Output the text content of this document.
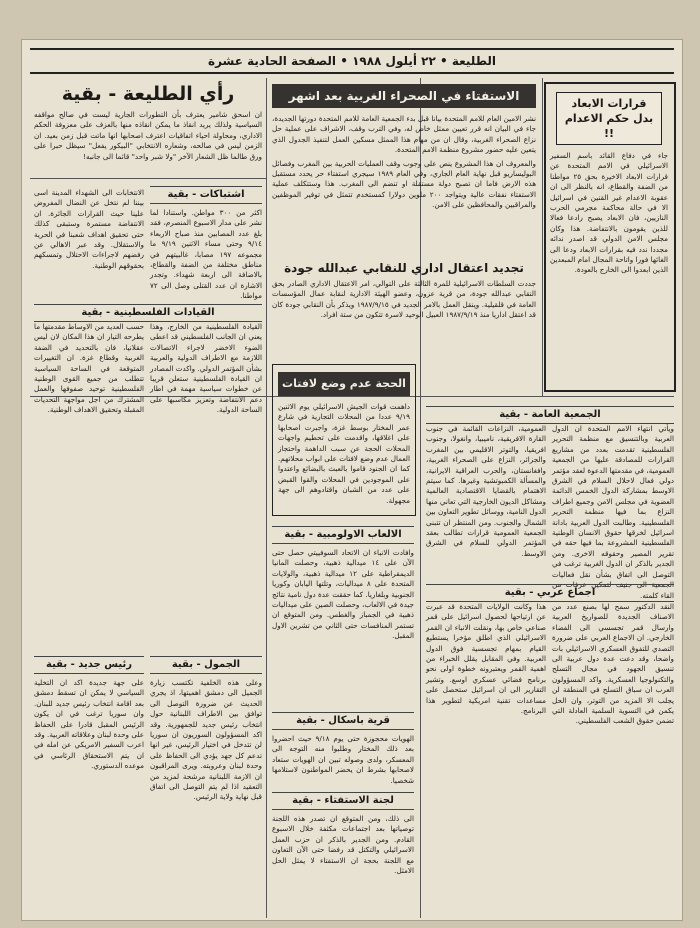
الطليعة • ٢٢ أيلول ١٩٨٨ • الصفحة الحادية عشرة
قرارات الابعاد بدل حكم الاعدام !!

جاء في دفاع القائد باسم السفير الاسرائيلي في الامم المتحدة عن قرارات الابعاد الاخيرة بحق ٢٥ مواطنا من الضفة والقطاع، انه بالنظر الى ان عقوبة الاعدام غير القنين في اسرائيل الا في حالة محاكمة مجرمي الحرب النازيين، فان الابعاد يصبح رادعا فعالا للذين يقومون بالانتفاضة. هذا وكان مجلس الامن الدولي قد اصدر ندائه مجددا ندد فيه بقرارات الابعاد ودعا الى الغائها فورا واتاحة المجال امام المبعدين الذين ابعدوا الى الخارج بالعودة.

الاستفتاء في الصحراء الغربية بعد اشهر

نشر الامين العام للامم المتحدة بيانا قبل بدء الجمعية العامة للامم المتحدة دورتها الجديدة، جاء في البيان انه قرر تعيين ممثل خاص له، وفي الترب وقف، الاشراف على عملية حل نزاع الصحراء الغربية، وقال ان من مهام هذا الممثل مسكين العمل لتنفيذ الجدول الذي يتعين عليه حضور مشروع منظمة الامم المتحدة.

والمعروف ان هذا المشروع ينص على وجوب وقف العمليات الحربية بين المغرب وفصائل البوليساريو قبل نهاية العام الجاري، وفي العام ١٩٨٩ سيجري استفتاء حر يحدد مستقبل هذه الارض فاما ان تصبح دولة مستقلة او تنضم الى المغرب. هذا وستتكلف عملية الاستفتاء نفقات عالية ويتواجد ٢٠٠ ملوين دولارا كمستخدم تتمثل في توفير الموظفين والمراقبين والمحافظين على الامن.

تجديد اعتقال اداري للنقابي عبدالله جودة

جددت السلطات الاسرائيلية للمرة الثالثة على التوالي، امر الاعتقال الاداري الصادر بحق النقابي عبدالله جودة، من قرية عزون، وعضو الهيئة الادارية لنقابة عمال المؤسسات العامة في قلقيلية. وينقل العمل بالامر الجديد في ١٩٨٧/٩/١٥ ويذكر بأن النقابي جودة كان قد اعتقل اداريا منذ ١٩٨٧/٩/١٩ العبيل الوحيد لاسرة تتكون من ستة افراد.

رأي الطليعة - بقية

ان اسحق شامير يعترف بأن التطورات الجارية ليست في صالح مواقفه السياسية ولذلك يريد انقاذ ما يمكن انقاذه منها بالعزف على معزوفة الحكم الاداري، ومحاولة احياء اتفاقيات اعترف اصحابها انها ماتت قبل زمن بعيد. ان الزمن ليس في صالحه، وشعاره الانتخابي "البيكور يفعل" سيظل حبرا على ورق طالما ظل الشعار الآخر "ولا شبر واحد" قائما الى جانبه!

اشتباكات - بقية

اكثر من ٣٠٠ مواطن. واستنادا لما نشر على مدار الاسبوع المنصرم، فقد بلغ عدد المصابين منذ صباح الاربعاء ٩/١٤ وحتى مساء الاثنين ٩/١٩ ما مجموعه ١٩٧ مصابا، غالبيتهم في مناطق مختلفة من الضفة والقطاع، بالاضافة الى اربعة شهداء. وتجدر الاشارة ان عدد القتلى وصل الى ٧٢ مواطنا.

الانتخابات الى الشهداء المدينة اسى بيننا لم نتخل عن النضال المفروض علينا حيث القرارات الجائرة. ان الانتفاضة مستمرة وستبقى كذلك حتى تحقيق اهداف شعبنا في الحرية والاستقلال. وقد عبر الاهالي عن رفضهم لاجراءات الاحتلال وتمسكهم بحقوقهم الوطنية.

القيادات الفلسطينية - بقية

القيادة الفلسطينية من الخارج، وهذا يعني ان الجانب الفلسطيني قد اعطى الضوء الاخضر لاجراء الاتصالات اللازمة مع الاطراف الدولية والعربية بشأن المؤتمر الدولي. واكدت المصادر ان القيادة الفلسطينية ستعلن قريبا عن خطوات سياسية مهمة في اطار دعم الانتفاضة وتعزيز مكاسبها على الساحة الدولية.

حسب العديد من الاوساط مقدمتها ما يطرحه التيار ان هذا المكان لان ليس عقلانيا، فان بالتحديد في الضفة الغربية وقطاع غزة. ان التغييرات المتوقعة في الساحة السياسية تتطلب من جميع القوى الوطنية الفلسطينية توحيد صفوفها والعمل المشترك من اجل مواجهة التحديات المقبلة وتحقيق الاهداف الوطنية.	الجمعية العامة - بقية

ويأتي انتهاء الامم المتحدة ان الدول العربية وبالتنسيق مع منظمة التحرير الفلسطينية تقدمت بعدد من مشاريع القرارات للمصادقة عليها من الجمعية العمومية، في مقدمتها الدعوة لعقد مؤتمر دولي فعال لاحلال السلام في الشرق الاوسط بمشاركة الدول الخمس الدائمة العضوية في مجلس الامن وجميع اطراف النزاع بما فيها منظمة التحرير الفلسطينية. وطالبت الدول العربية بادانة اسرائيل لخرقها حقوق الانسان الوطنية الفلسطينية المشروعة بما فيها حقه في تقرير المصير وحقوقه الاخرى. ومن الجدير بالذكر ان الدول الغربية ترغب في التوصل الى اتفاق بشأن نقل فعاليات الجمعية الى جنيف لتمكين عرفات من القاء كلمته.

العمومية، النزاعات القائمة في جنوب القارة الافريقية، ناميبيا، وانغولا، وجنوب افريقيا، والتوتر الاقليمي بين المغرب والجزائر، النزاع على الصحراء الغربية، وافغانستان، والحرب العراقية الايرانية، والمسألة الكمبوتشية وغيرها. كما سيتم الاهتمام بالقضايا الاقتصادية العالمية ومشاكل الديون الخارجية التي تعاني منها الدول النامية، ووسائل تطوير التعاون بين الشمال والجنوب. ومن المنتظر ان تتبنى الجمعية العمومية قرارات تطالب بعقد المؤتمر الدولي للسلام في الشرق الاوسط.

الحجة عدم وضع لافتات

داهمت قوات الجيش الاسرائيلي يوم الاثنين ٩/١٩ عددا من المحلات التجارية في شارع عمر المختار بوسط غزة، واجبرت اصحابها على اغلاقها، واقدمت على تحطيم واجهات المحلات الحجة عن سبب الداهمة واحتجاز العمال عدم وضع لافتات على ابواب محلاتهم. كما ان الجنود قاموا بالعبث بالبضائع واعتدوا على الموجودين في المحلات والقوا القبض على عدد من الشبان واقتادوهم الى جهة مجهولة.

الالعاب الاولومبية - بقية

وافادت الانباء ان الاتحاد السوفييتي حصل حتى الآن على ١٤ ميدالية ذهبية، وحصلت المانيا الديمقراطية على ١٢ ميدالية ذهبية، والولايات المتحدة على ٨ ميداليات، وتلتها اليابان وكوريا الجنوبية وبلغاريا. كما حققت عدة دول نامية نتائج جيدة في الالعاب، وحصلت الصين على ميداليات ذهبية في الجمباز والغطس. ومن المتوقع ان تستمر المنافسات حتى الثاني من تشرين الاول المقبل.

قرية باسكال - بقية

الهويات محجوزة حتى يوم ٩/١٨ حيث احضروا بعد ذلك المختار وطلبوا منه التوجه الى المعسكر، ولدى وصوله تبين ان الهويات ستعاد لاصحابها بشرط ان يحضر المواطنون لاستلامها شخصيا.

لجنة الاستفتاء - بقية

الى ذلك، ومن المتوقع ان تصدر هذه اللجنة توصياتها بعد اجتماعات مكثفة خلال الاسبوع القادم. ومن الجدير بالذكر ان حزب العمل الاسرائيلي والتكتل قد رفضا حتى الآن التعاون مع اللجنة بحجة ان الاستفتاء لا يمثل الحل الامثل.

اجماع عربي - بقية

النقد الدكتور سمح لها بصنع عدد من الاصناف الجديدة للصواريخ العربية وارسال قمر تجسسي الى الفضاء الخارجي. ان الاجماع العربي على ضرورة التصدي للتفوق العسكري الاسرائيلي بات واضحا، وقد دعت عدة دول عربية الى تنسيق الجهود في مجال التسلح والتكنولوجيا العسكرية. واكد المسؤولون العرب ان سباق التسلح في المنطقة لن يجلب الا المزيد من التوتر، وان الحل يكمن في التسوية السلمية العادلة التي تضمن حقوق الشعب الفلسطيني.

هذا وكانت الولايات المتحدة قد عبرت عن ارتياحها لحصول اسرائيل على قمر صناعي خاص بها، ونقلت الانباء ان القمر الاسرائيلي الذي اطلق مؤخرا يستطيع القيام بمهام تجسسية فوق الدول العربية. وفي المقابل يقلل الخبراء من اهمية القمر ويعتبرونه خطوة اولى نحو برنامج فضائي عسكري اوسع. وتشير التقارير الى ان اسرائيل ستحصل على مساعدات تقنية امريكية لتطوير هذا البرنامج.

الجمول - بقية

وعلى هذه الخلفية تكتسب زيارة الجميل الى دمشق اهميتها، اذ يجري الحديث عن ضرورة التوصل الى توافق بين الاطراف اللبنانية حول انتخاب رئيس جديد للجمهورية. وقد اكد المسؤولون السوريون ان سوريا لن تتدخل في اختيار الرئيس، غير انها تدعم كل جهد يؤدي الى الحفاظ على وحدة لبنان وعروبته. ويرى المراقبون ان الازمة اللبنانية مرشحة لمزيد من التعقيد اذا لم يتم التوصل الى اتفاق قبل نهاية ولاية الرئيس.

رئيس جديد - بقية

على جهة جديدة اكد ان التخلية السياسي لا يمكن ان تسقط دمشق بعد اقامة انتخاب رئيس جديد للبنان. وان سوريا ترغب في ان يكون الرئيس المقبل قادرا على الحفاظ على وحدة لبنان وعلاقاته العربية. وقد اعرب السفير الامريكي عن امله في ان يتم الاستحقاق الرئاسي في موعده الدستوري.
